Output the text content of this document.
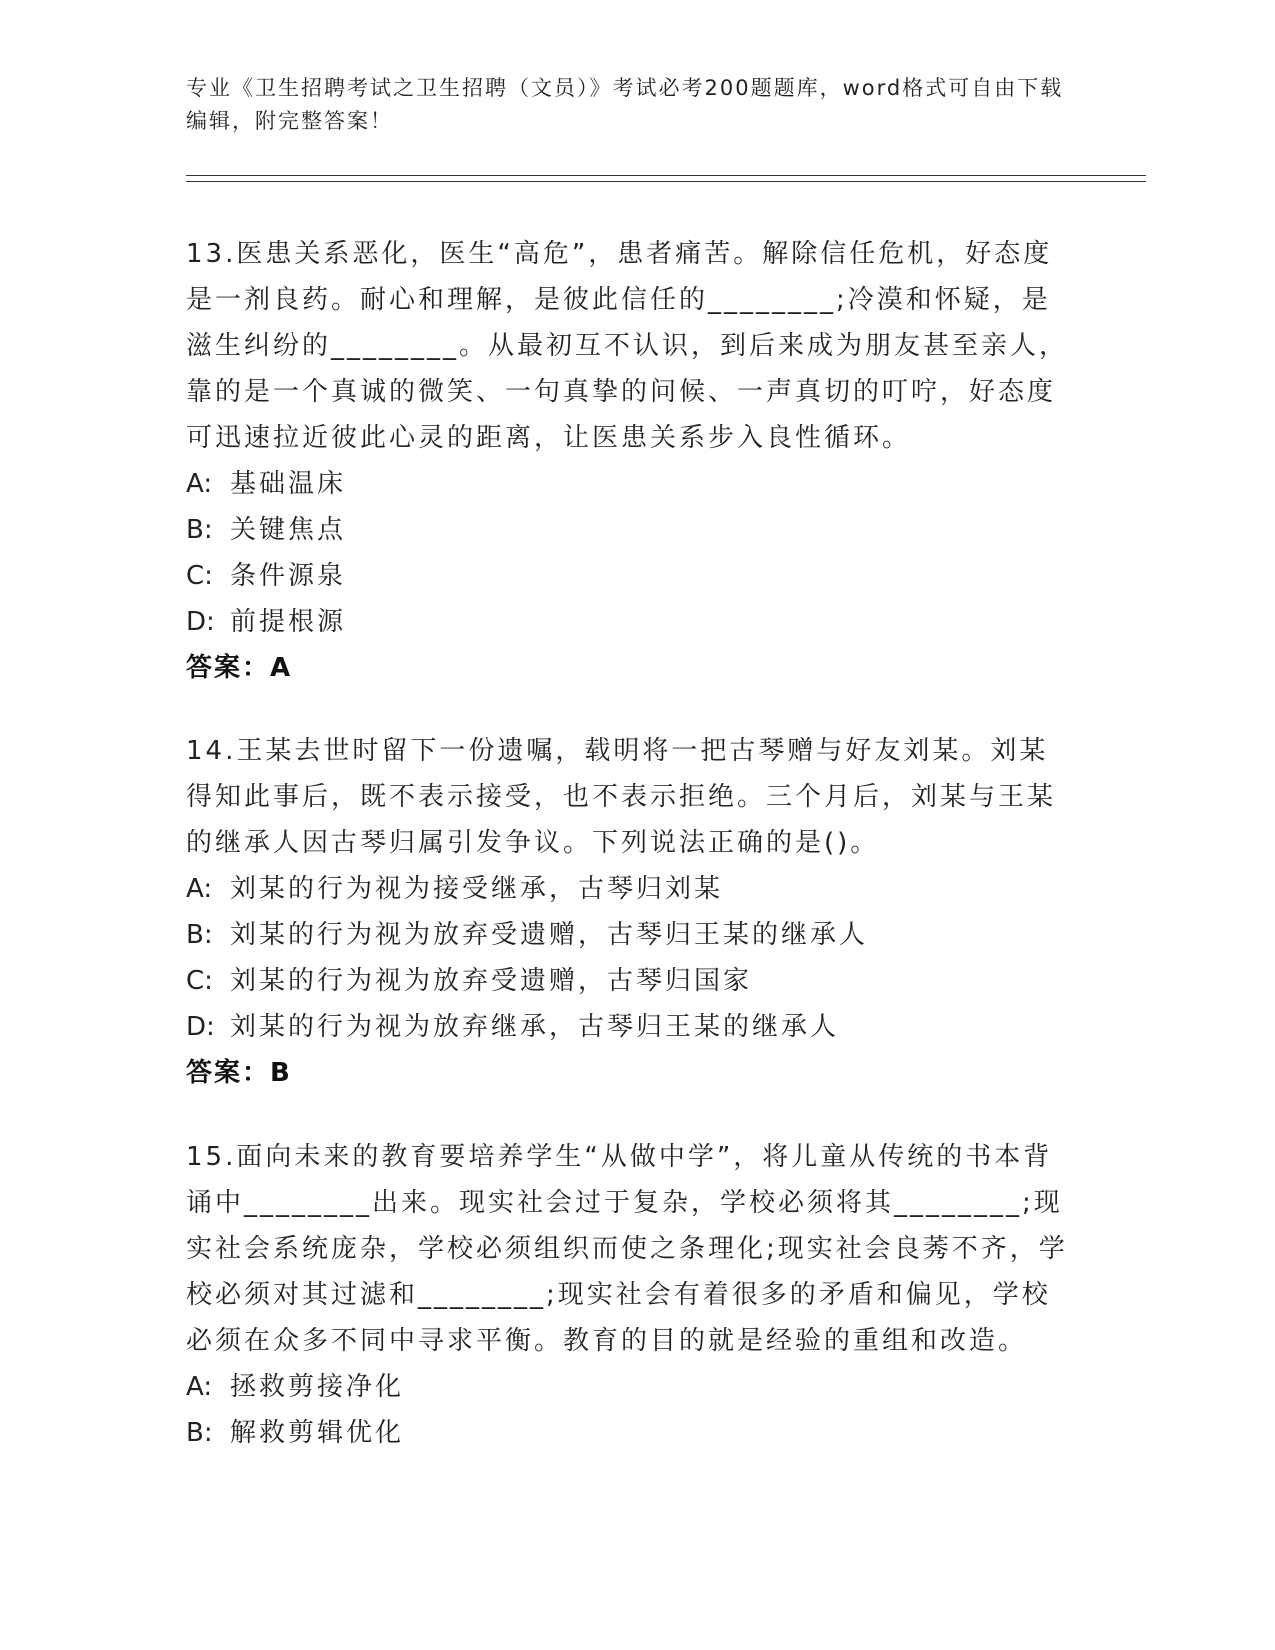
专业《卫生招聘考试之卫生招聘（文员）》考试必考200题题库，word格式可自由下载编辑，附完整答案！

13.医患关系恶化，医生“高危”，患者痛苦。解除信任危机，好态度是一剂良药。耐心和理解，是彼此信任的________;冷漠和怀疑，是滋生纠纷的________。从最初互不认识，到后来成为朋友甚至亲人，靠的是一个真诚的微笑、一句真挚的问候、一声真切的叮咛，好态度可迅速拉近彼此心灵的距离，让医患关系步入良性循环。

A: 基础温床

B: 关键焦点

C: 条件源泉

D: 前提根源

答案：A

14.王某去世时留下一份遗嘱，载明将一把古琴赠与好友刘某。刘某得知此事后，既不表示接受，也不表示拒绝。三个月后，刘某与王某的继承人因古琴归属引发争议。下列说法正确的是()。

A: 刘某的行为视为接受继承，古琴归刘某

B: 刘某的行为视为放弃受遗赠，古琴归王某的继承人

C: 刘某的行为视为放弃受遗赠，古琴归国家

D: 刘某的行为视为放弃继承，古琴归王某的继承人

答案：B

15.面向未来的教育要培养学生“从做中学”，将儿童从传统的书本背诵中________出来。现实社会过于复杂，学校必须将其________;现实社会系统庞杂，学校必须组织而使之条理化;现实社会良莠不齐，学校必须对其过滤和________;现实社会有着很多的矛盾和偏见，学校必须在众多不同中寻求平衡。教育的目的就是经验的重组和改造。

A: 拯救剪接净化

B: 解救剪辑优化
